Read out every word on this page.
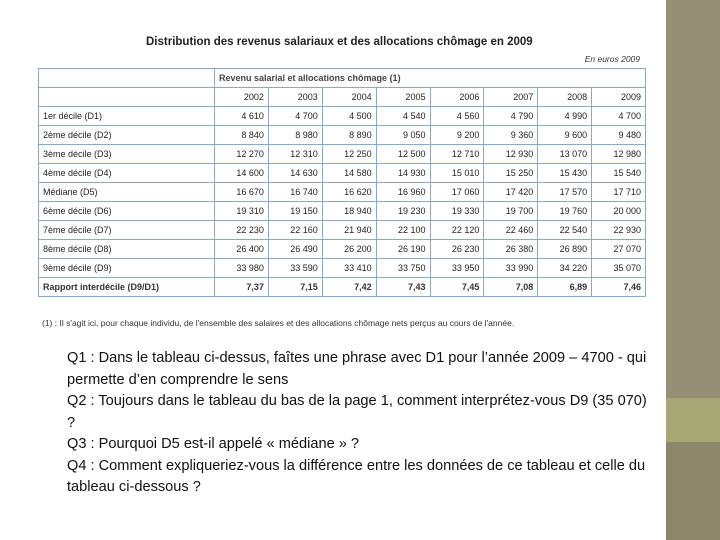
Distribution des revenus salariaux et des allocations chômage en 2009
En euros 2009
	Revenu salarial et allocations chômage (1)							
	2002	2003	2004	2005	2006	2007	2008	2009
1er décile (D1)	4 610	4 700	4 500	4 540	4 560	4 790	4 990	4 700
2ème décile (D2)	8 840	8 980	8 890	9 050	9 200	9 360	9 600	9 480
3ème décile (D3)	12 270	12 310	12 250	12 500	12 710	12 930	13 070	12 980
4ème décile (D4)	14 600	14 630	14 580	14 930	15 010	15 250	15 430	15 540
Médiane (D5)	16 670	16 740	16 620	16 960	17 060	17 420	17 570	17 710
6ème décile (D6)	19 310	19 150	18 940	19 230	19 330	19 700	19 760	20 000
7ème décile (D7)	22 230	22 160	21 940	22 100	22 120	22 460	22 540	22 930
8ème décile (D8)	26 400	26 490	26 200	26 190	26 230	26 380	26 890	27 070
9ème décile (D9)	33 980	33 590	33 410	33 750	33 950	33 990	34 220	35 070
Rapport interdécile (D9/D1)	7,37	7,15	7,42	7,43	7,45	7,08	6,89	7,46
(1) : Il s'agit ici, pour chaque individu, de l'ensemble des salaires et des allocations chômage nets perçus au cours de l'année.

Q1 : Dans le tableau ci-dessus, faîtes une phrase avec D1 pour l’année 2009 – 4700 - qui permette d’en comprendre le sens

Q2 : Toujours dans le tableau du bas de la page 1, comment interprétez-vous D9 (35 070) ?

Q3 : Pourquoi D5 est-il appelé « médiane » ?

Q4 : Comment expliqueriez-vous la différence entre les données de ce tableau et celle du tableau ci-dessous ?
